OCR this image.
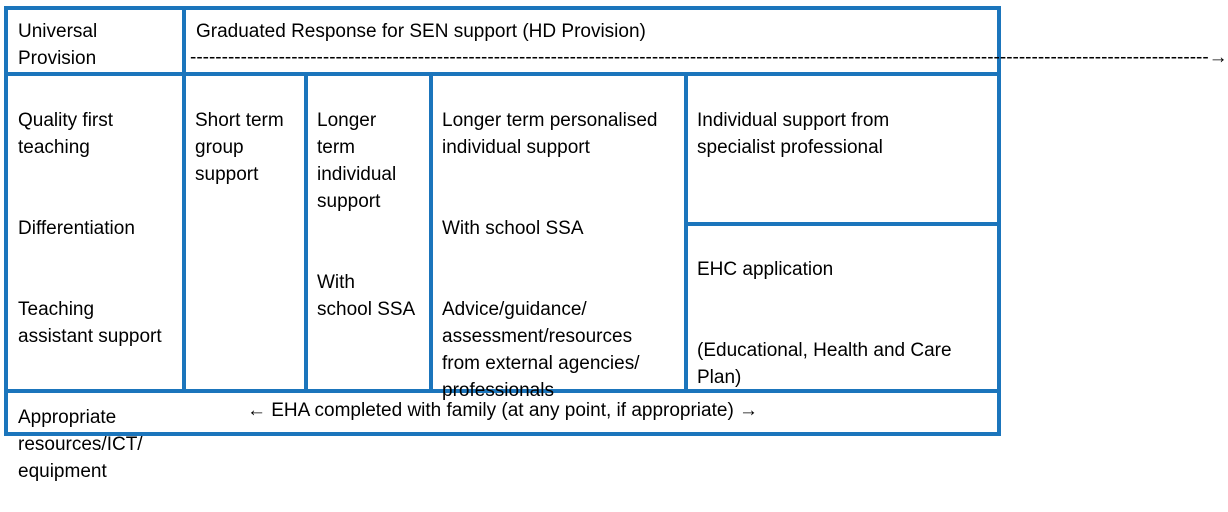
Universal
Provision
Graduated Response for SEN support (HD Provision)
-----------------------------------------------------------------------------------------------------------------------------------------------------------------→

Quality first
teaching

Differentiation

Teaching
assistant support

Appropriate
resources/ICT/
equipment

Short term
group
support

Longer
term
individual
support

With
school SSA

Longer term personalised
individual support

With school SSA

Advice/guidance/
assessment/resources
from external agencies/
professionals

Individual support from
specialist professional

EHC application

(Educational, Health and Care
Plan)

← EHA completed with family (at any point, if appropriate) →
